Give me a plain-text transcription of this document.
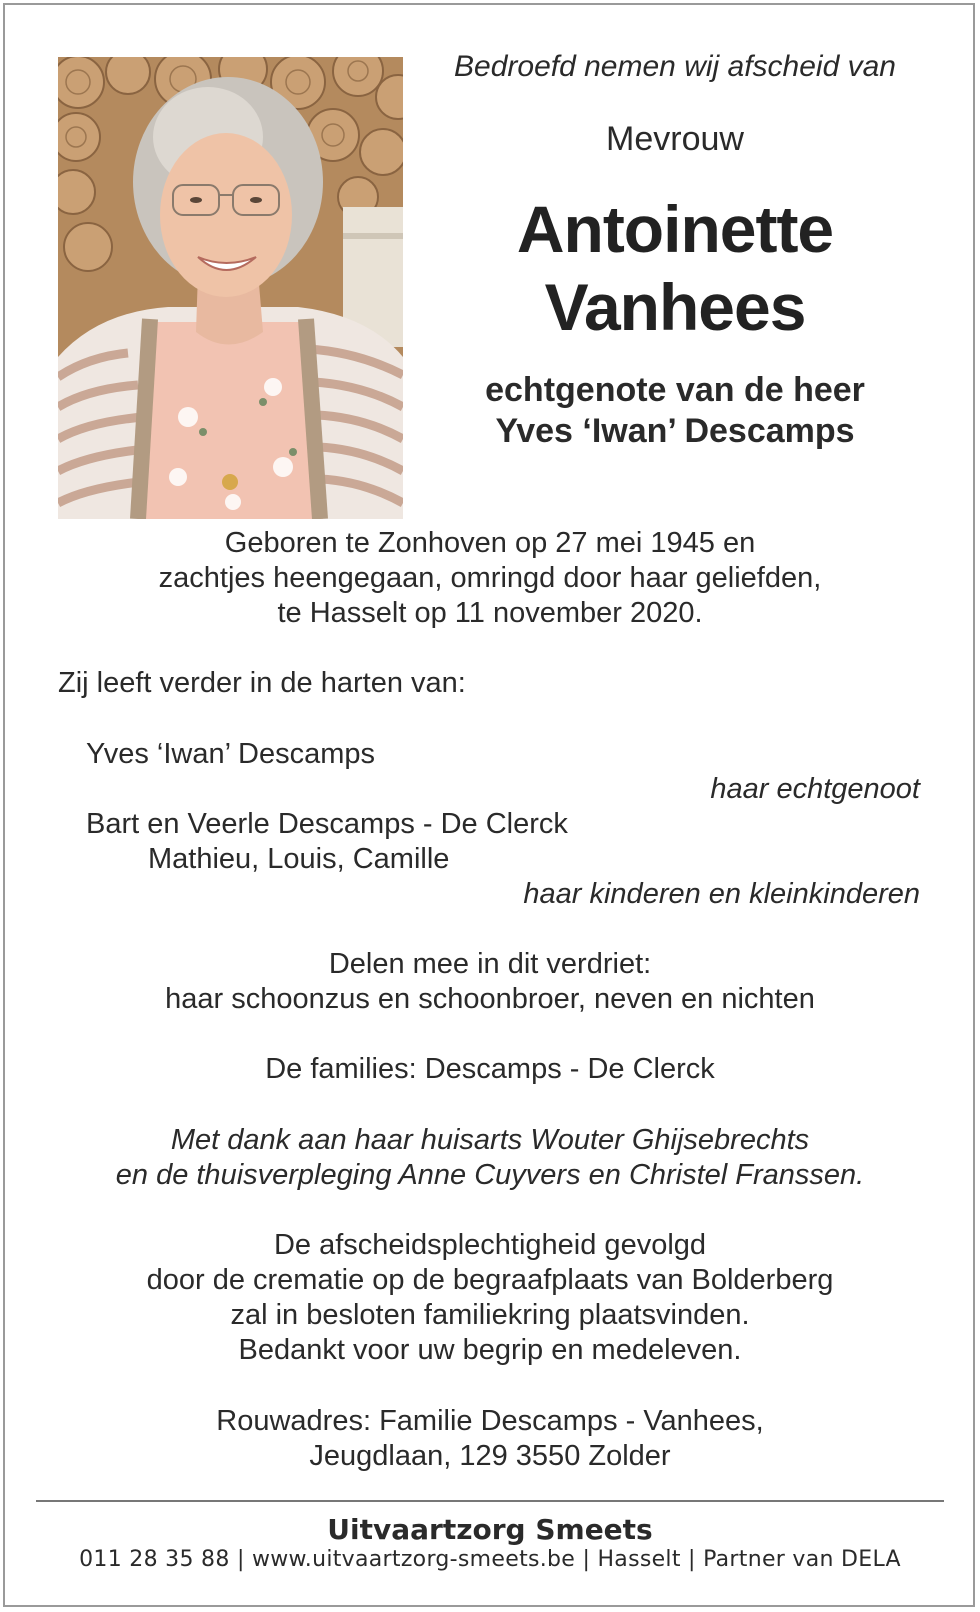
Bedroefd nemen wij afscheid van
Mevrouw
Antoinette
Vanhees
echtgenote van de heer
Yves ‘Iwan’ Descamps
Geboren te Zonhoven op 27 mei 1945 en
zachtjes heengegaan, omringd door haar geliefden,
te Hasselt op 11 november 2020.
Zij leeft verder in de harten van:
Yves ‘Iwan’ Descamps
haar echtgenoot
Bart en Veerle Descamps - De Clerck
Mathieu, Louis, Camille
haar kinderen en kleinkinderen
Delen mee in dit verdriet:
haar schoonzus en schoonbroer, neven en nichten
De families: Descamps - De Clerck
Met dank aan haar huisarts Wouter Ghijsebrechts
en de thuisverpleging Anne Cuyvers en Christel Franssen.
De afscheidsplechtigheid gevolgd
door de crematie op de begraafplaats van Bolderberg
zal in besloten familiekring plaatsvinden.
Bedankt voor uw begrip en medeleven.
Rouwadres: Familie Descamps - Vanhees,
Jeugdlaan, 129 3550 Zolder
Uitvaartzorg Smeets
011 28 35 88 | www.uitvaartzorg-smeets.be | Hasselt | Partner van DELA
